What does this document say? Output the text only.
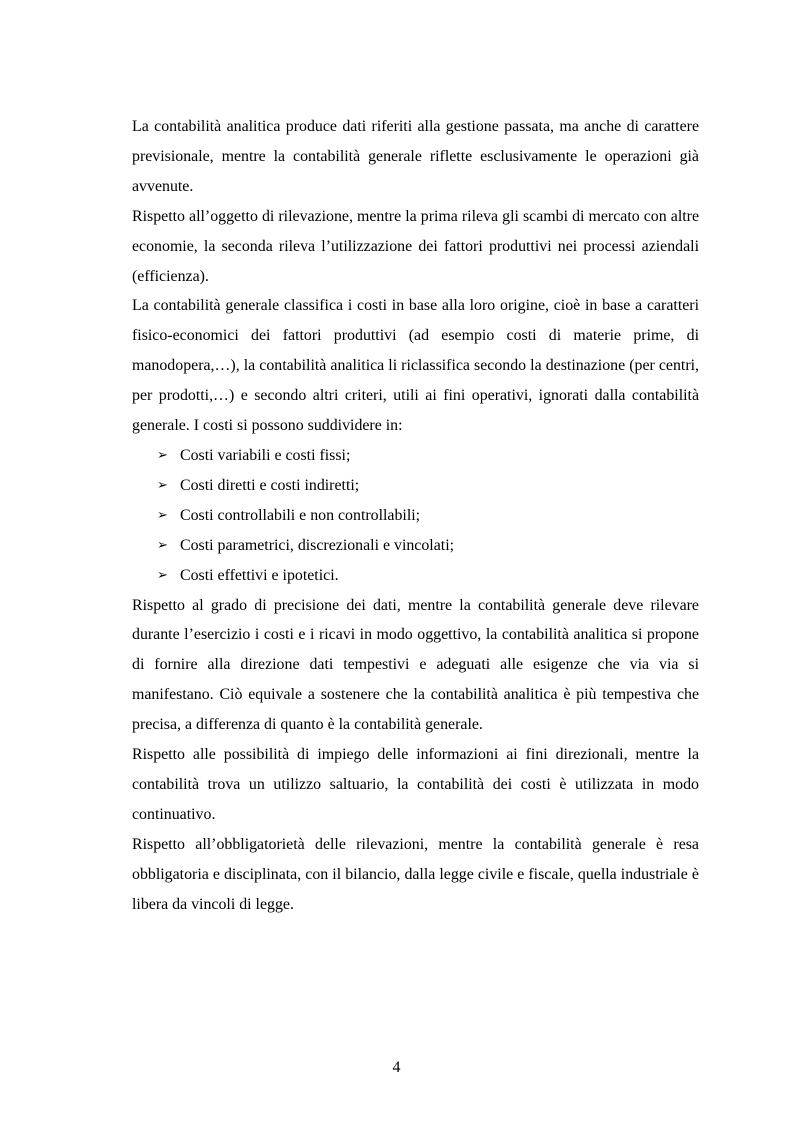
La contabilità analitica produce dati riferiti alla gestione passata, ma anche di carattere previsionale, mentre la contabilità generale riflette esclusivamente le operazioni già avvenute.

Rispetto all’oggetto di rilevazione, mentre la prima rileva gli scambi di mercato con altre economie, la seconda rileva l’utilizzazione dei fattori produttivi nei processi aziendali (efficienza).

La contabilità generale classifica i costi in base alla loro origine, cioè in base a caratteri fisico-economici dei fattori produttivi (ad esempio costi di materie prime, di manodopera,…), la contabilità analitica li riclassifica secondo la destinazione (per centri, per prodotti,…) e secondo altri criteri, utili ai fini operativi, ignorati dalla contabilità generale. I costi si possono suddividere in:

➢ Costi variabili e costi fissi;
➢ Costi diretti e costi indiretti;
➢ Costi controllabili e non controllabili;
➢ Costi parametrici, discrezionali e vincolati;
➢ Costi effettivi e ipotetici.

Rispetto al grado di precisione dei dati, mentre la contabilità generale deve rilevare durante l’esercizio i costi e i ricavi in modo oggettivo, la contabilità analitica si propone di fornire alla direzione dati tempestivi e adeguati alle esigenze che via via si manifestano. Ciò equivale a sostenere che la contabilità analitica è più tempestiva che precisa, a differenza di quanto è la contabilità generale.

Rispetto alle possibilità di impiego delle informazioni ai fini direzionali, mentre la contabilità trova un utilizzo saltuario, la contabilità dei costi è utilizzata in modo continuativo.

Rispetto all’obbligatorietà delle rilevazioni, mentre la contabilità generale è resa obbligatoria e disciplinata, con il bilancio, dalla legge civile e fiscale, quella industriale è libera da vincoli di legge.

4
